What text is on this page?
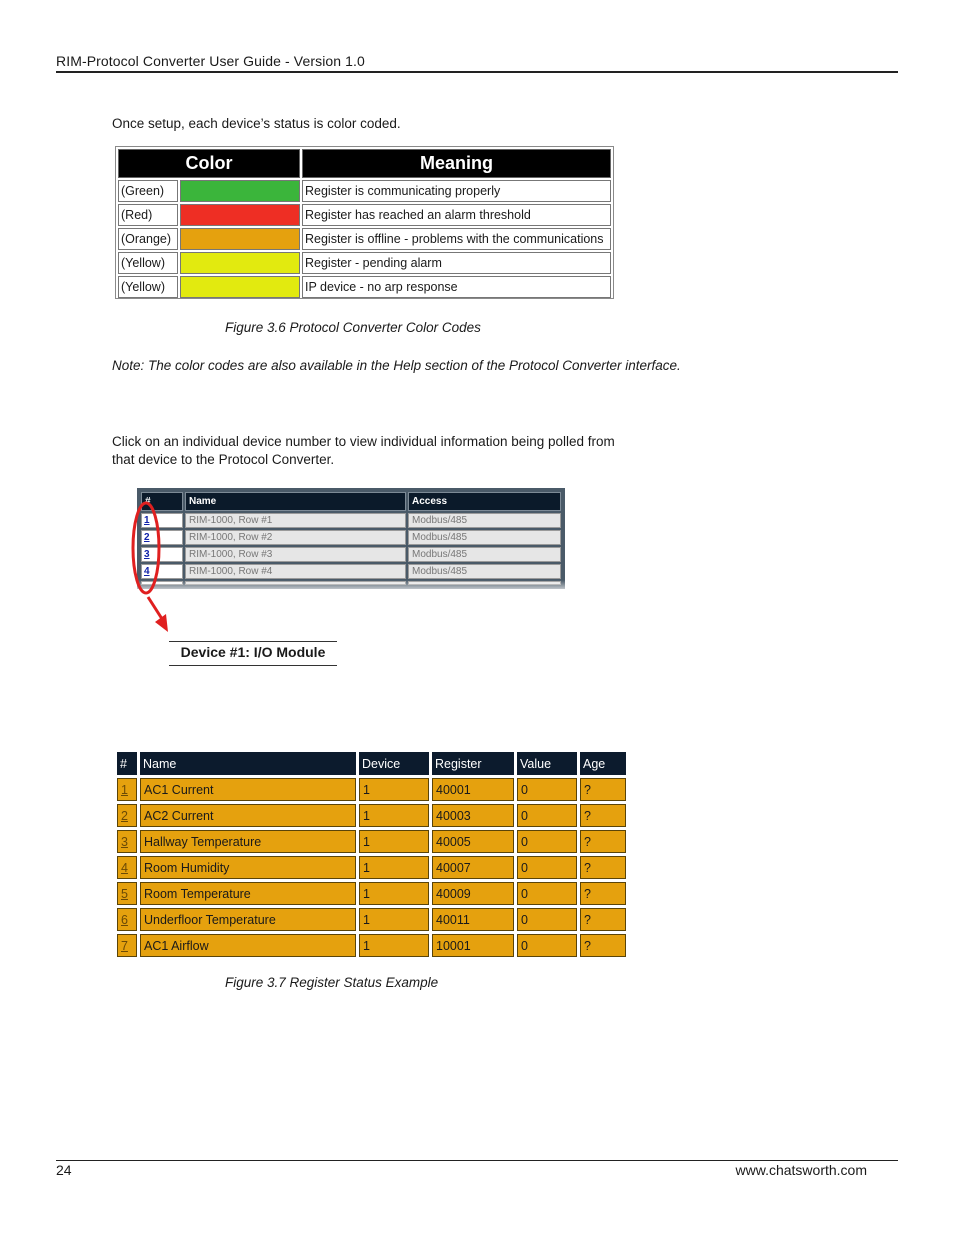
RIM-Protocol Converter User Guide - Version 1.0
Once setup, each device’s status is color coded.
Color		Meaning
(Green)		Register is communicating properly
(Red)		Register has reached an alarm threshold
(Orange)		Register is offline - problems with the communications
(Yellow)		Register - pending alarm
(Yellow)		IP device - no arp response
Figure 3.6 Protocol Converter Color Codes
Note: The color codes are also available in the Help section of the Protocol Converter interface.
Click on an individual device number to view individual information being polled from that device to the Protocol Converter.
#	Name	Access
1	RIM-1000, Row #1	Modbus/485
2	RIM-1000, Row #2	Modbus/485
3	RIM-1000, Row #3	Modbus/485
4	RIM-1000, Row #4	Modbus/485

Device #1: I/O Module
#	Name	Device	Register	Value	Age
1	AC1 Current	1	40001	0	?
2	AC2 Current	1	40003	0	?
3	Hallway Temperature	1	40005	0	?
4	Room Humidity	1	40007	0	?
5	Room Temperature	1	40009	0	?
6	Underfloor Temperature	1	40011	0	?
7	AC1 Airflow	1	10001	0	?
Figure 3.7 Register Status Example
24	www.chatsworth.com
